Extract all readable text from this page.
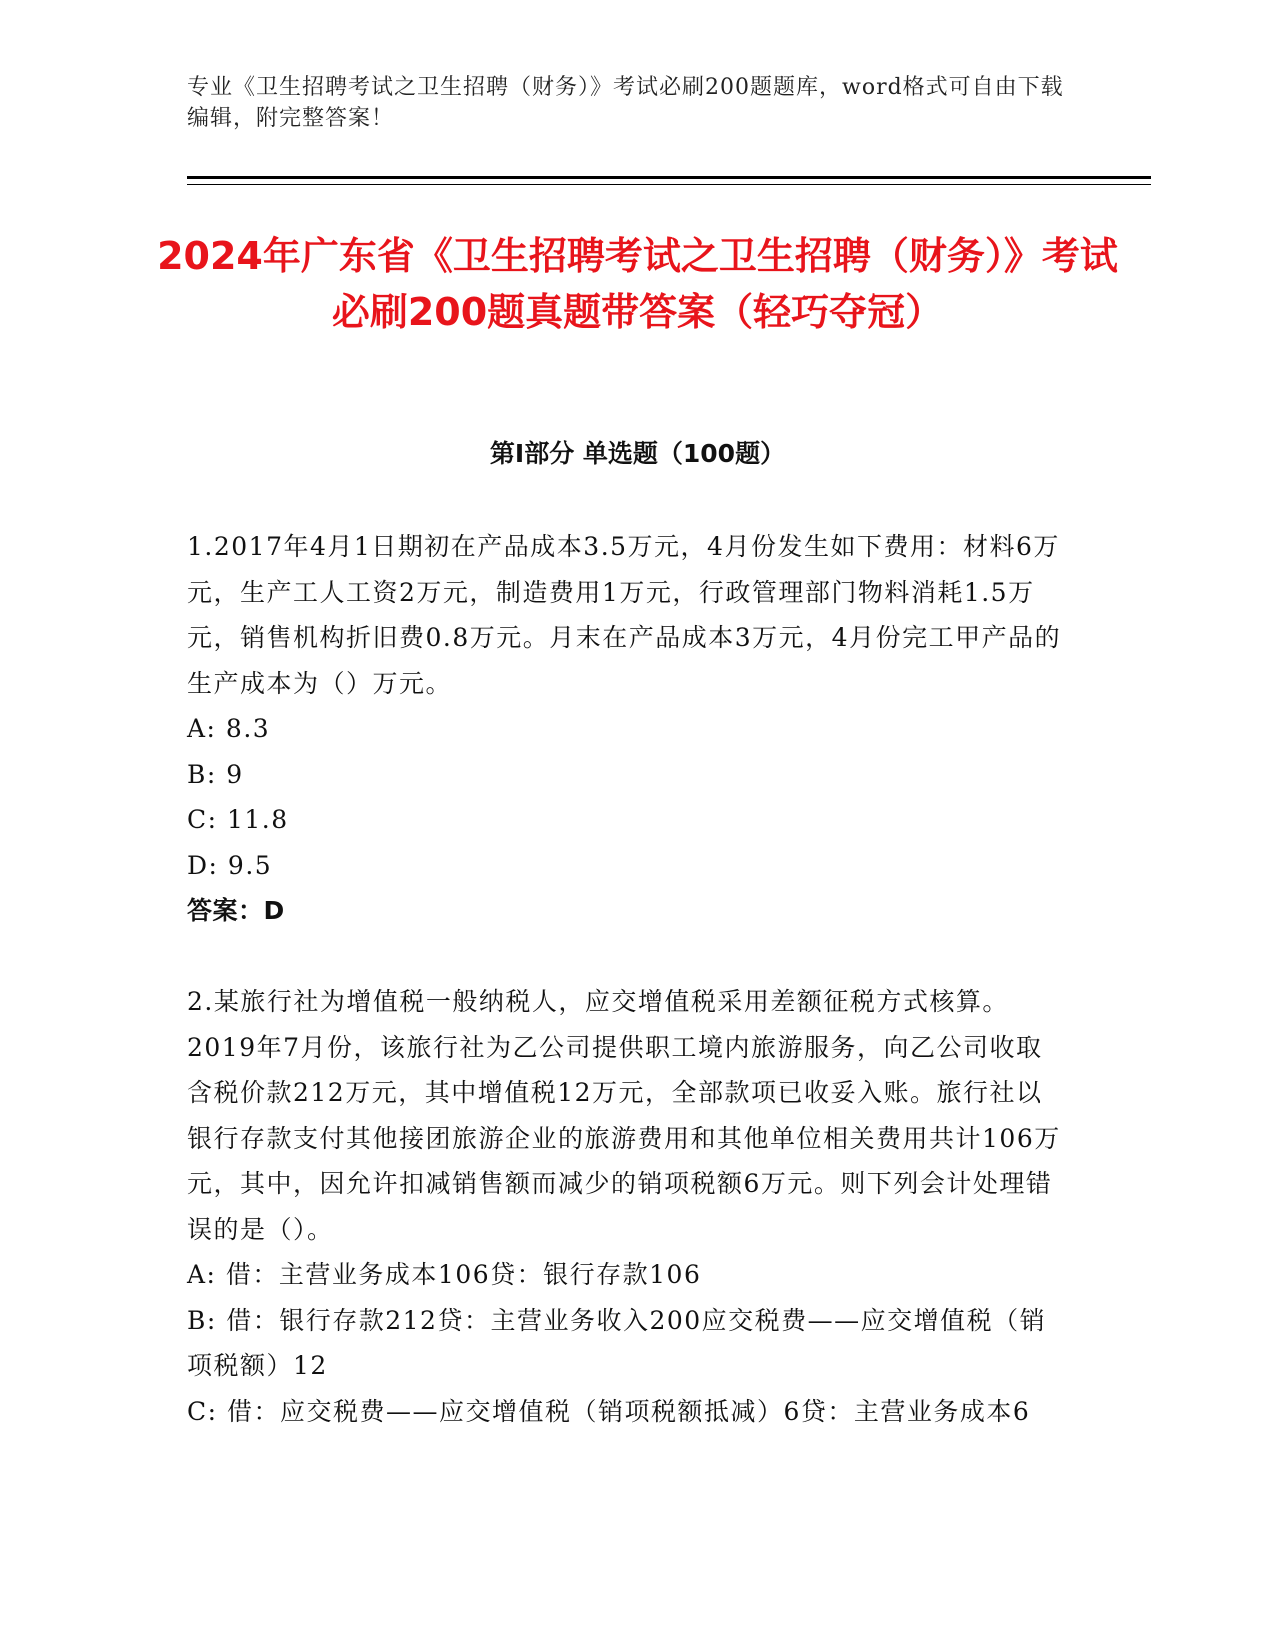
专业《卫生招聘考试之卫生招聘（财务）》考试必刷200题题库，word格式可自由下载编辑，附完整答案！
2024年广东省《卫生招聘考试之卫生招聘（财务）》考试必刷200题真题带答案（轻巧夺冠）
第Ⅰ部分 单选题（100题）

1.2017年4月1日期初在产品成本3.5万元，4月份发生如下费用：材料6万元，生产工人工资2万元，制造费用1万元，行政管理部门物料消耗1.5万元，销售机构折旧费0.8万元。月末在产品成本3万元，4月份完工甲产品的生产成本为（）万元。

A: 8.3

B: 9

C: 11.8

D: 9.5

答案：D

2.某旅行社为增值税一般纳税人，应交增值税采用差额征税方式核算。2019年7月份，该旅行社为乙公司提供职工境内旅游服务，向乙公司收取含税价款212万元，其中增值税12万元，全部款项已收妥入账。旅行社以银行存款支付其他接团旅游企业的旅游费用和其他单位相关费用共计106万元，其中，因允许扣减销售额而减少的销项税额6万元。则下列会计处理错误的是（）。

A: 借：主营业务成本106贷：银行存款106

B: 借：银行存款212贷：主营业务收入200应交税费——应交增值税（销项税额）12

C: 借：应交税费——应交增值税（销项税额抵减）6贷：主营业务成本6
